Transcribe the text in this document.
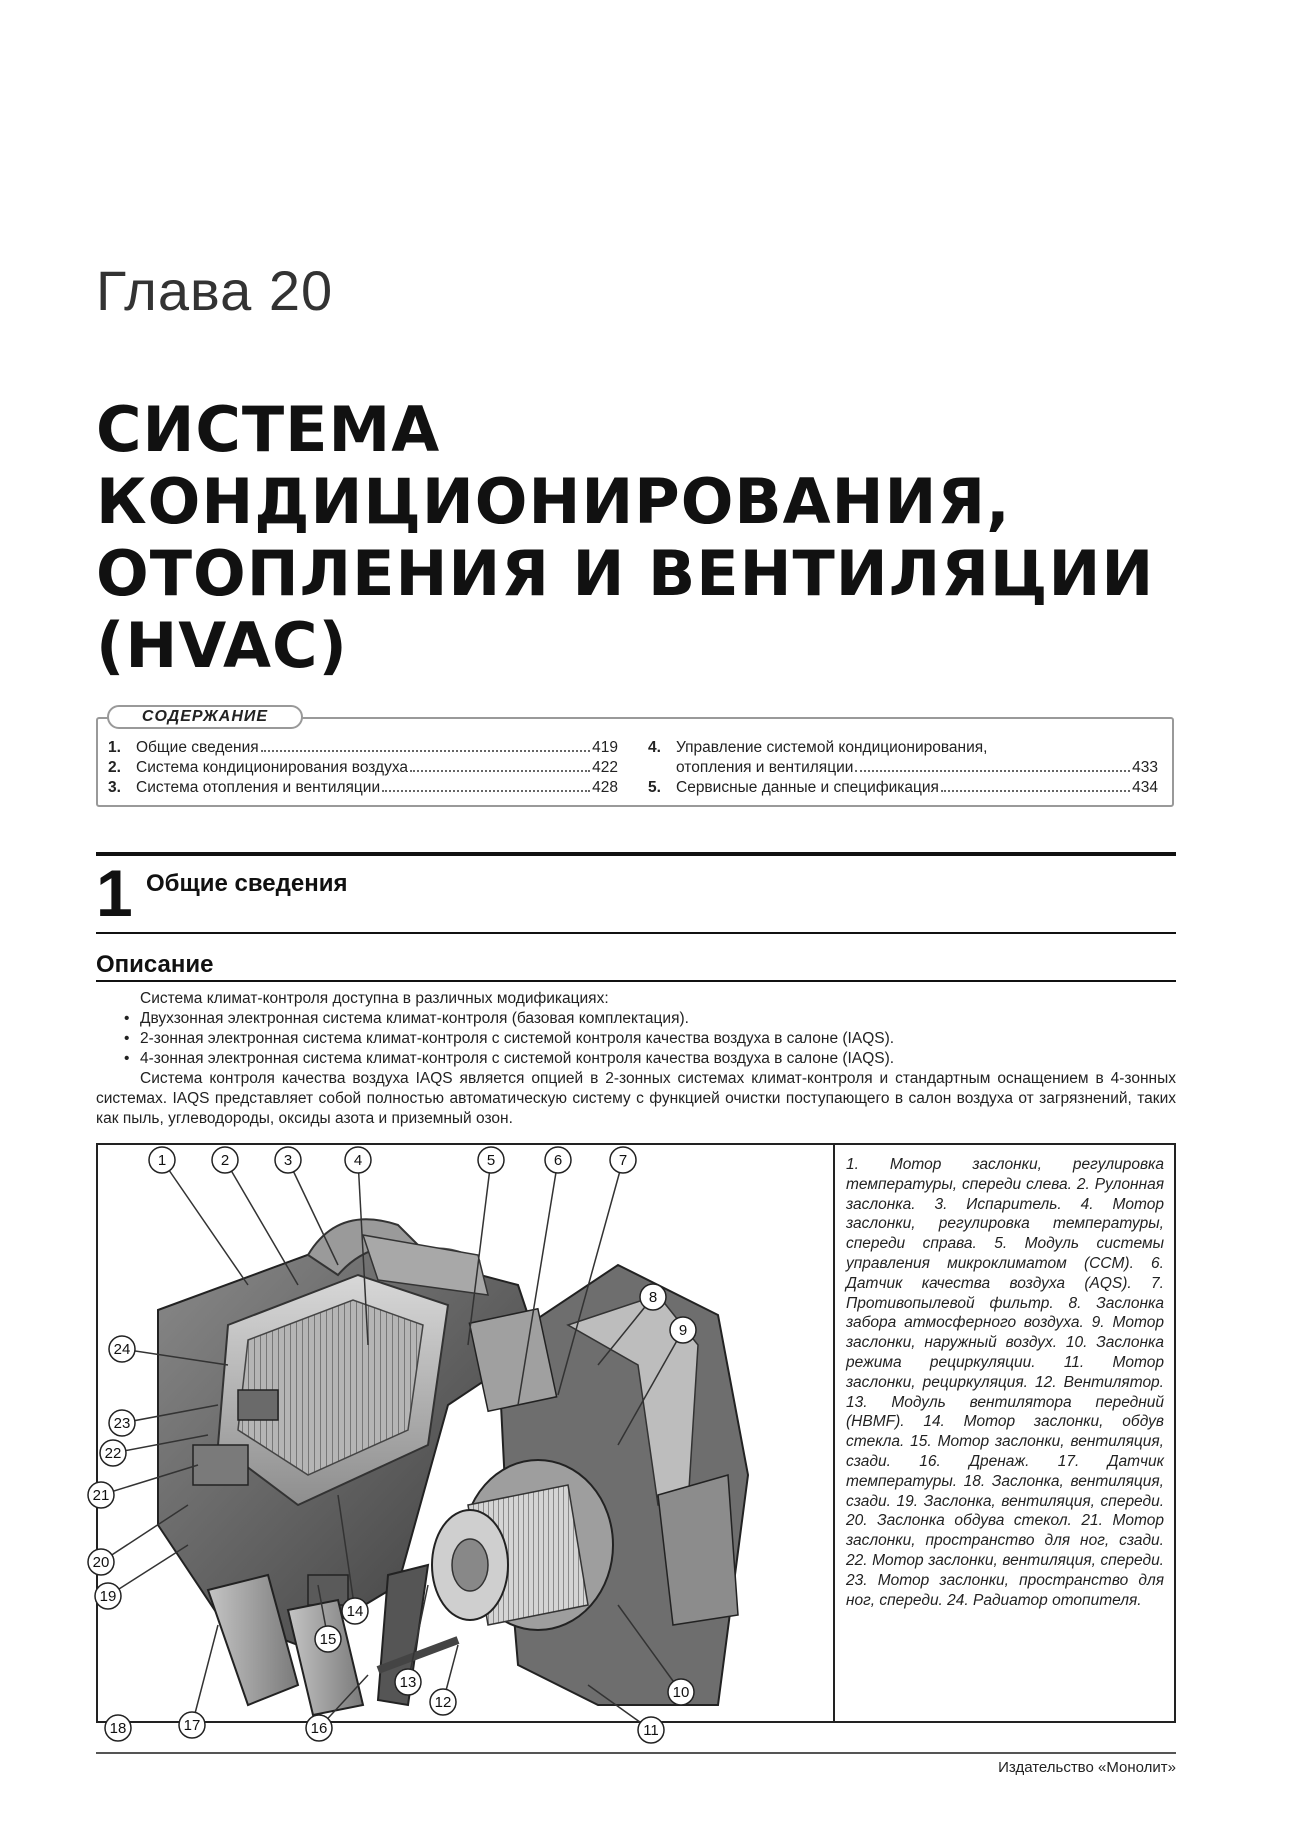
Глава 20
СИСТЕМА
КОНДИЦИОНИРОВАНИЯ,
ОТОПЛЕНИЯ И ВЕНТИЛЯЦИИ
(HVAC)
СОДЕРЖАНИЕ
1. Общие сведения	419
2. Система кондиционирования воздуха	422
3. Система отопления и вентиляции	428
4. Управление системой кондиционирования,
отопления и вентиляции	433
5. Сервисные данные и спецификация	434
1 Общие сведения
Описание

Система климат-контроля доступна в различных модификациях:

• Двухзонная электронная система климат-контроля (базовая комплектация).

• 2-зонная электронная система климат-контроля с системой контроля качества воздуха в салоне (IAQS).

• 4-зонная электронная система климат-контроля с системой контроля качества воздуха в салоне (IAQS).

Система контроля качества воздуха IAQS является опцией в 2-зонных системах климат-контроля и стандартным оснащением в 4-зонных системах. IAQS представляет собой полностью автоматическую систему с функцией очистки поступающего в салон воздуха от загрязнений, таких как пыль, углеводороды, оксиды азота и приземный озон.

1	2	3	4	5	6	7
8
9
10
11
12
13
14
15
16
17
18
19
20
21
22
23
24
1. Мотор заслонки, регулировка температуры, спереди слева. 2. Рулонная заслонка. 3. Испаритель. 4. Мотор заслонки, регулировка температуры, спереди справа. 5. Модуль системы управления микроклиматом (CCM). 6. Датчик качества воздуха (AQS). 7. Противопылевой фильтр. 8. Заслонка забора атмосферного воздуха. 9. Мотор заслонки, наружный воздух. 10. Заслонка режима рециркуляции. 11. Мотор заслонки, рециркуляция. 12. Вентилятор. 13. Модуль вентилятора передний (HBMF). 14. Мотор заслонки, обдув стекла. 15. Мотор заслонки, вентиляция, сзади. 16. Дренаж. 17. Датчик температуры. 18. Заслонка, вентиляция, сзади. 19. Заслонка, вентиляция, спереди. 20. Заслонка обдува стекол. 21. Мотор заслонки, пространство для ног, сзади. 22. Мотор заслонки, вентиляция, спереди. 23. Мотор заслонки, пространство для ног, спереди. 24. Радиатор отопителя.
Издательство «Монолит»
